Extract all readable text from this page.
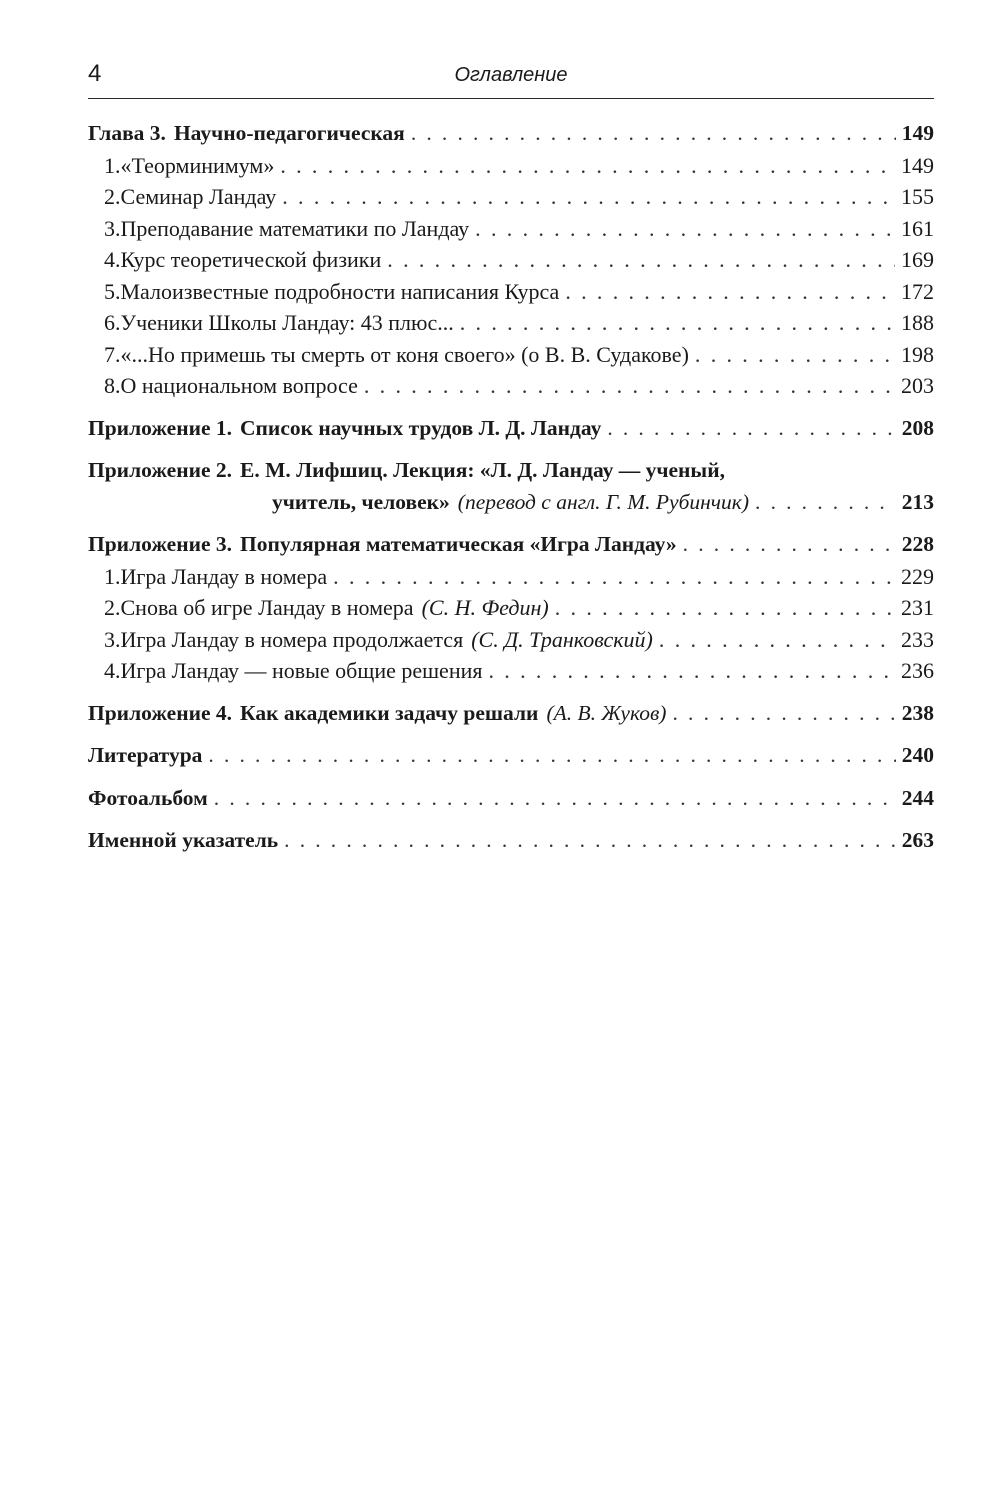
4	Оглавление
Глава 3. Научно-педагогическая . . .	149
1. «Теорминимум» . . .	149
2. Семинар Ландау . . .	155
3. Преподавание математики по Ландау . . .	161
4. Курс теоретической физики . . .	169
5. Малоизвестные подробности написания Курса . . .	172
6. Ученики Школы Ландау: 43 плюс... . . .	188
7. «...Но примешь ты смерть от коня своего» (о В. В. Судакове) . . .	198
8. О национальном вопросе . . .	203
Приложение 1. Список научных трудов Л. Д. Ландау . . .	208
Приложение 2. Е. М. Лифшиц. Лекция: «Л. Д. Ландау — ученый,
учитель, человек» (перевод с англ. Г. М. Рубинчик) . . .	213
Приложение 3. Популярная математическая «Игра Ландау» . . .	228
1. Игра Ландау в номера . . .	229
2. Снова об игре Ландау в номера (С. Н. Федин) . . .	231
3. Игра Ландау в номера продолжается (С. Д. Транковский) . . .	233
4. Игра Ландау — новые общие решения . . .	236
Приложение 4. Как академики задачу решали (А. В. Жуков) . . .	238
Литература . . .	240
Фотоальбом . . .	244
Именной указатель . . .	263
